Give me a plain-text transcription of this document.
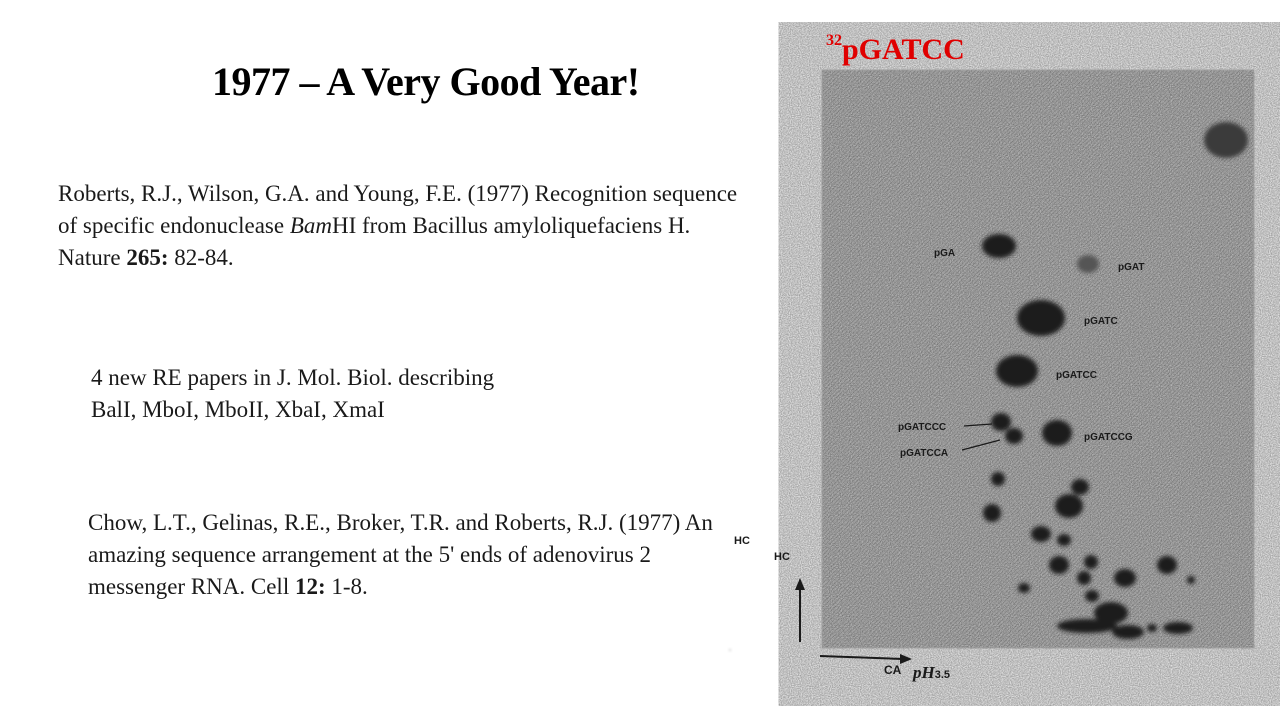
1977 – A Very Good Year!
Roberts, R.J., Wilson, G.A. and Young, F.E. (1977) Recognition sequence of specific endonuclease BamHI from Bacillus amyloliquefaciens H. Nature 265: 82-84.
4 new RE papers in J. Mol. Biol. describing
BalI, MboI, MboII, XbaI, XmaI
Chow, L.T., Gelinas, R.E., Broker, T.R. and Roberts, R.J. (1977) An amazing sequence arrangement at the 5' ends of adenovirus 2 messenger RNA. Cell 12: 1-8.
pGA
pGAT
pGATC
pGATCC
pGATCCG
pGATCCC
pGATCCA
HC
HC
CA pH3.5
$^{32}$pGATCC
